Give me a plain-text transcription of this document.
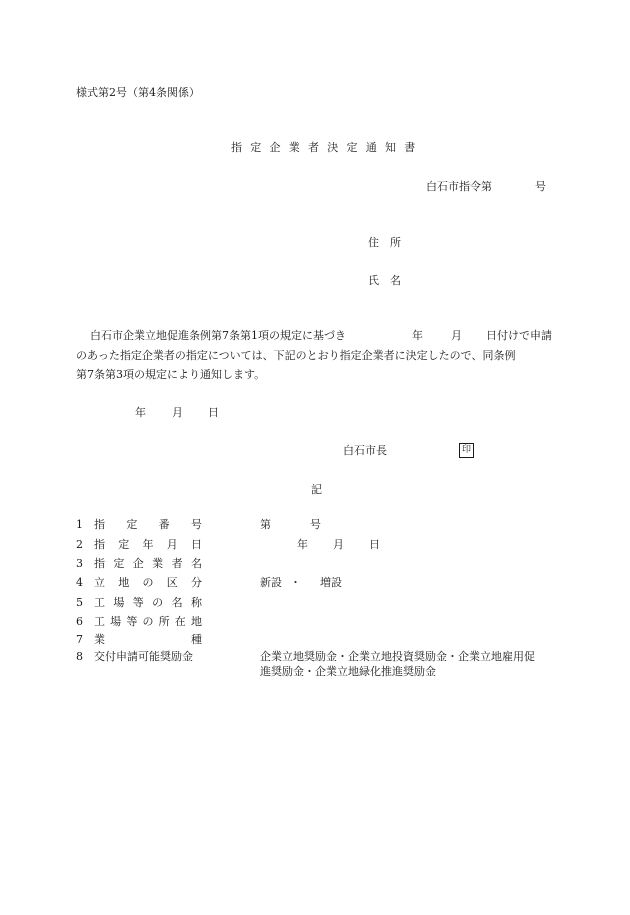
様式第2号（第4条関係）
指定企業者決定通知書
白石市指令第	号
住　所
氏　名
白石市企業立地促進条例第7条第1項の規定に基づき	年	月 日付けで申請
のあった指定企業者の指定については、下記のとおり指定企業者に決定したので、同条例
第7条第3項の規定により通知します。
年 月 日
白石市長	印
記
1 指 定 番 号	第	号
2 指 定 年 月 日	年 月 日
3 指 定 企 業 者 名
4 立 地 の 区 分	新設 ・ 増設
5 工 場 等 の 名 称
6 工 場 等 の 所 在 地
7 業	種
8 交付申請可能奨励金	企業立地奨励金・企業立地投資奨励金・企業立地雇用促
進奨励金・企業立地緑化推進奨励金
